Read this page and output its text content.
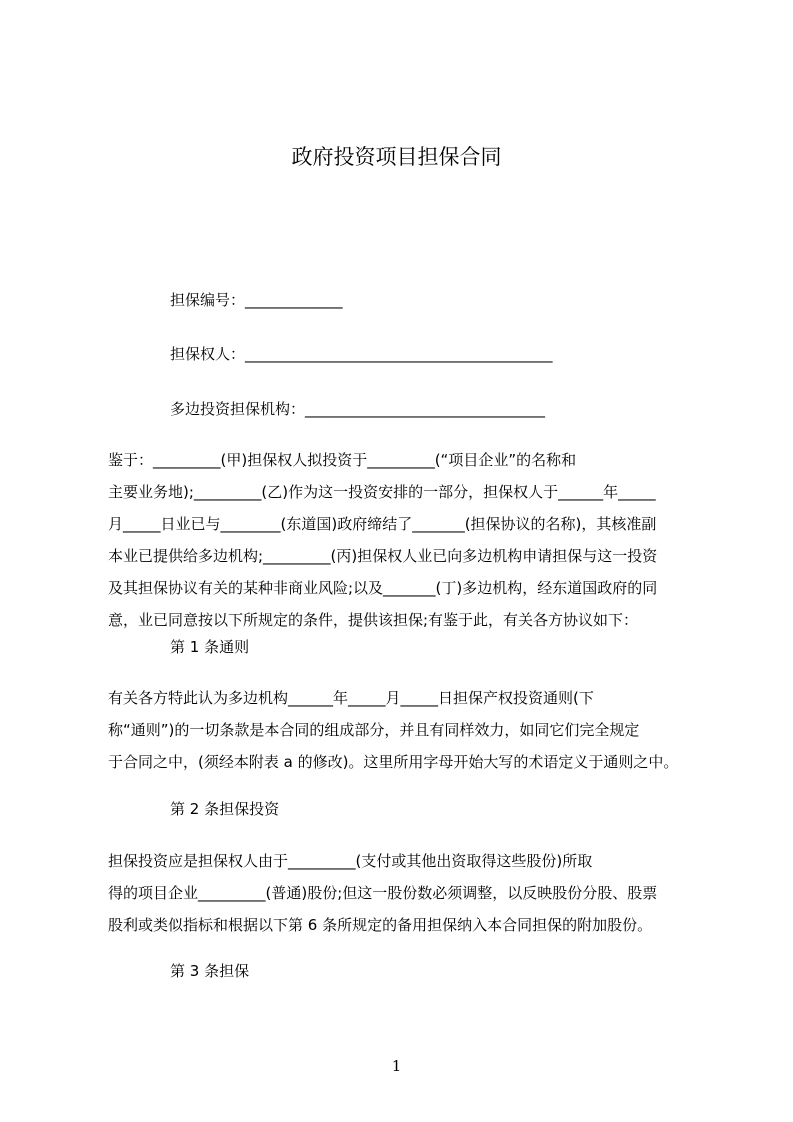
政府投资项目担保合同
担保编号：_____________
担保权人：_________________________________________
多边投资担保机构：________________________________
鉴于：_________(甲)担保权人拟投资于_________(“项目企业”的名称和
主要业务地);_________(乙)作为这一投资安排的一部分，担保权人于______年_____
月_____日业已与________(东道国)政府缔结了_______(担保协议的名称)，其核准副
本业已提供给多边机构;_________(丙)担保权人业已向多边机构申请担保与这一投资
及其担保协议有关的某种非商业风险;以及_______(丁)多边机构，经东道国政府的同
意，业已同意按以下所规定的条件，提供该担保;有鉴于此，有关各方协议如下：
第 1 条通则
有关各方特此认为多边机构______年_____月_____日担保产权投资通则(下
称“通则”)的一切条款是本合同的组成部分，并且有同样效力，如同它们完全规定
于合同之中，(须经本附表 a 的修改)。这里所用字母开始大写的术语定义于通则之中。
第 2 条担保投资
担保投资应是担保权人由于_________(支付或其他出资取得这些股份)所取
得的项目企业_________(普通)股份;但这一股份数必须调整，以反映股份分股、股票
股利或类似指标和根据以下第 6 条所规定的备用担保纳入本合同担保的附加股份。
第 3 条担保
1
